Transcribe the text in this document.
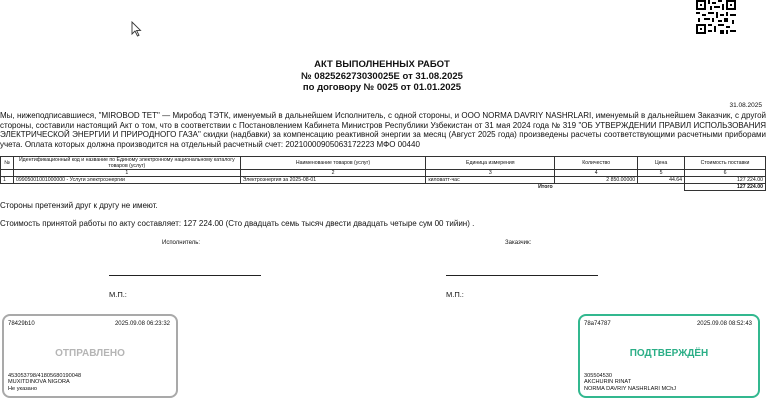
АКТ ВЫПОЛНЕННЫХ РАБОТ
№ 082526273030025E от 31.08.2025
по договору № 0025 от 01.01.2025
31.08.2025
Мы, нижеподписавшиеся, "MIROBOD TET" — Миробод ТЭТК, именуемый в дальнейшем Исполнитель, с одной стороны, и ООО NORMA DAVRIY NASHRLARI, именуемый в дальнейшем Заказчик, с другой стороны, составили настоящий Акт о том, что в соответствии с Постановлением Кабинета Министров Республики Узбекистан от 31 мая 2024 года № 319 "ОБ УТВЕРЖДЕНИИ ПРАВИЛ ИСПОЛЬЗОВАНИЯ ЭЛЕКТРИЧЕСКОЙ ЭНЕРГИИ И ПРИРОДНОГО ГАЗА" скидки (надбавки) за компенсацию реактивной энергии за месяц (Август 2025 года) произведены расчеты соответствующими расчетными приборами учета. Оплата которых должна производится на отдельный расчетный счет: 20210000905063172223 МФО 00440
№	Идентификационный код и название по Единому электронному национальному каталогу товаров (услуг)	Наименование товаров (услуг)	Единица измерения	Количество	Цена	Стоимость поставки
	1	2	3	4	5	6
1	09905001001000000 - Услуги электроэнергии	Электроэнергия за 2025-08-01	киловатт-час	2 850.00000	44.64	127 224.00
Итого						127 224.00
Стороны претензий друг к другу не имеют.
Стоимость принятой работы по акту составляет: 127 224.00 (Сто двадцать семь тысяч двести двадцать четыре сум 00 тийин) .
Исполнитель:	Заказчик:
М.П.:	М.П.:
78429b10	2025.09.08 06:23:32
ОТПРАВЛЕНО
453053798/41805680190048
MUXITDINOVA NIGORA
Не указано
78a74787	2025.09.08 08:52:43
ПОДТВЕРЖДЁН
305504530
AKCHURIN RINAT
NORMA DAVRIY NASHRLARI MChJ
